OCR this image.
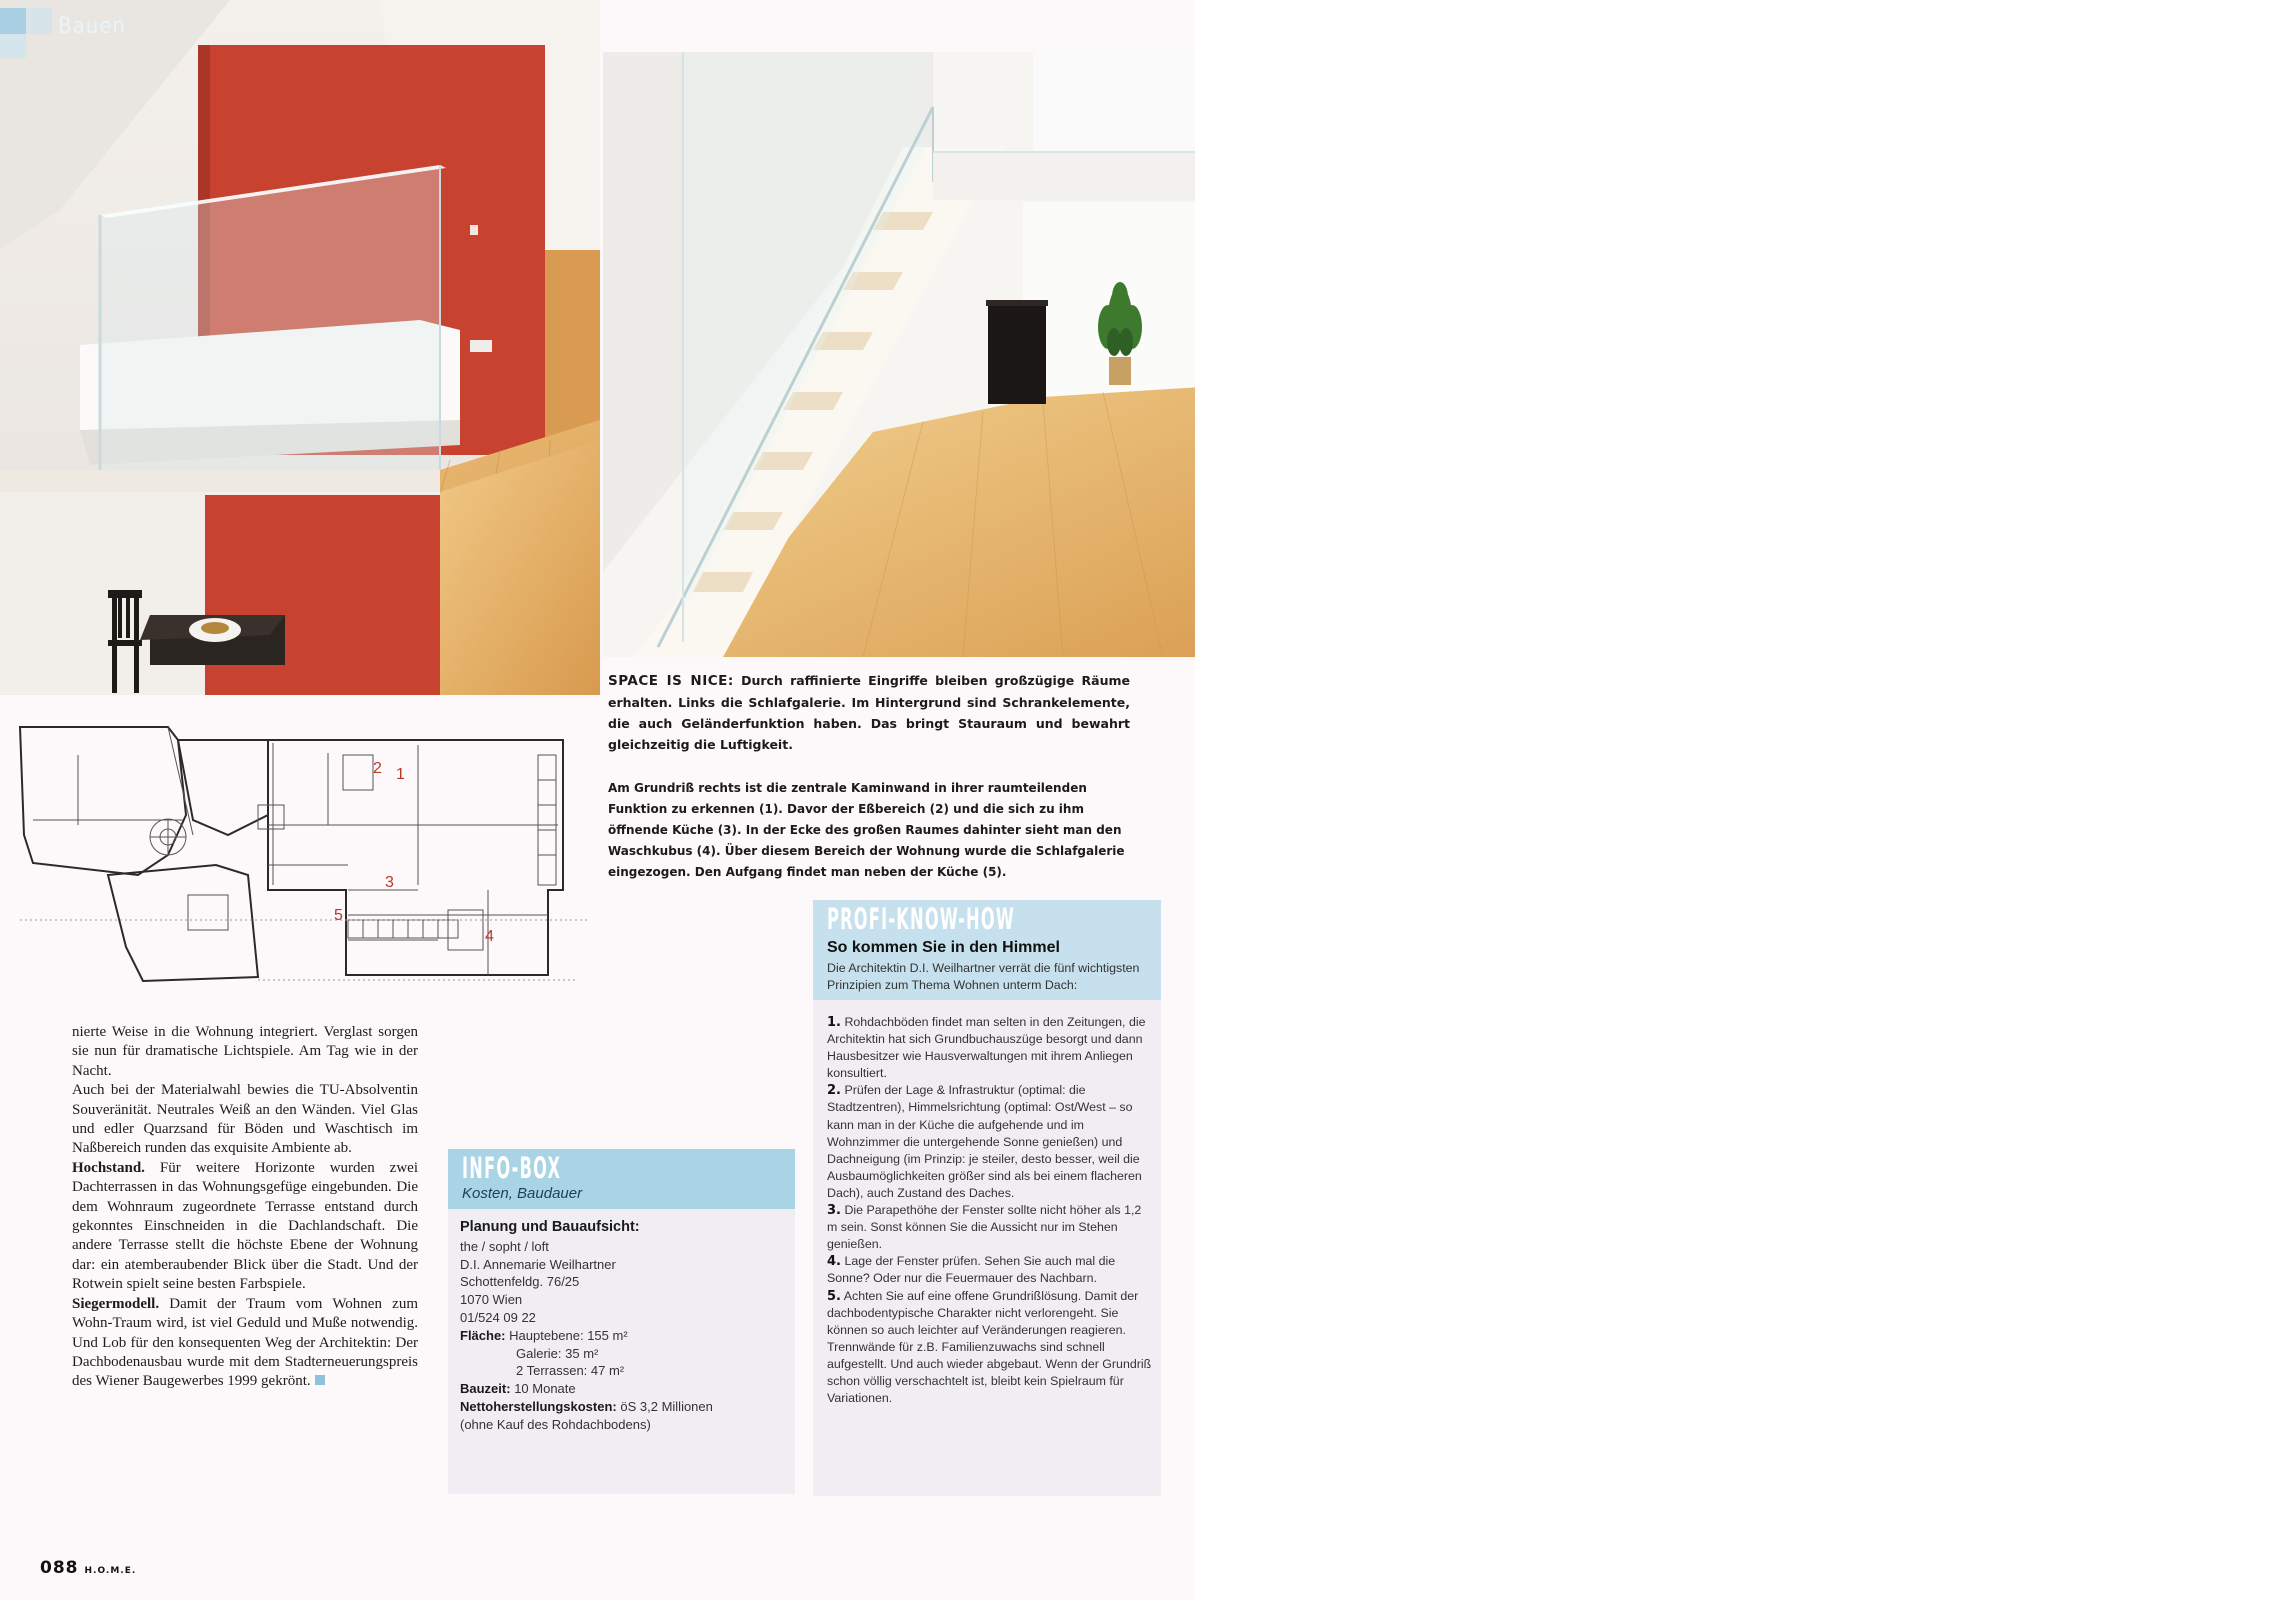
Bauen
SPACE IS NICE: Durch raffinierte Eingriffe bleiben großzügige Räume erhalten. Links die Schlafgalerie. Im Hintergrund sind Schrankelemente, die auch Geländerfunktion haben. Das bringt Stauraum und bewahrt gleichzeitig die Luftigkeit.
1
2
3
4
5
Am Grundriß rechts ist die zentrale Kaminwand in ihrer raumteilenden Funktion zu erkennen (1). Davor der Eßbereich (2) und die sich zu ihm öffnende Küche (3). In der Ecke des großen Raumes dahinter sieht man den Waschkubus (4). Über diesem Bereich der Wohnung wurde die Schlafgalerie eingezogen. Den Aufgang findet man neben der Küche (5).

nierte Weise in die Wohnung integriert. Verglast sorgen sie nun für dramatische Lichtspiele. Am Tag wie in der Nacht.

Auch bei der Materialwahl bewies die TU-Absolventin Souveränität. Neutrales Weiß an den Wänden. Viel Glas und edler Quarzsand für Böden und Waschtisch im Naßbereich runden das exquisite Ambiente ab.

Hochstand. Für weitere Horizonte wurden zwei Dachterrassen in das Wohnungsgefüge eingebunden. Die dem Wohnraum zugeordnete Terrasse entstand durch gekonntes Einschneiden in die Dachlandschaft. Die andere Terrasse stellt die höchste Ebene der Wohnung dar: ein atemberaubender Blick über die Stadt. Und der Rotwein spielt seine besten Farbspiele.

Siegermodell. Damit der Traum vom Wohnen zum Wohn-Traum wird, ist viel Geduld und Muße notwendig. Und Lob für den konsequenten Weg der Architektin: Der Dachbodenausbau wurde mit dem Stadterneuerungspreis des Wiener Baugewerbes 1999 gekrönt.

INFO-BOX
Kosten, Baudauer
Planung und Bauaufsicht:
the / sopht / loft
D.I. Annemarie Weilhartner
Schottenfeldg. 76/25
1070 Wien
01/524 09 22
Fläche: Hauptebene: 155 m²
Galerie: 35 m²
2 Terrassen: 47 m²
Bauzeit: 10 Monate
Nettoherstellungskosten: öS 3,2 Millionen
(ohne Kauf des Rohdachbodens)
PROFI-KNOW-HOW
So kommen Sie in den Himmel
Die Architektin D.I. Weilhartner verrät die fünf wichtigsten Prinzipien zum Thema Wohnen unterm Dach:

1. Rohdachböden findet man selten in den Zeitungen, die Architektin hat sich Grundbuchauszüge besorgt und dann Hausbesitzer wie Hausverwaltungen mit ihrem Anliegen konsultiert.

2. Prüfen der Lage & Infrastruktur (optimal: die Stadtzentren), Himmelsrichtung (optimal: Ost/West – so kann man in der Küche die aufgehende und im Wohnzimmer die untergehende Sonne genießen) und Dachneigung (im Prinzip: je steiler, desto besser, weil die Ausbaumöglichkeiten größer sind als bei einem flacheren Dach), auch Zustand des Daches.

3. Die Parapethöhe der Fenster sollte nicht höher als 1,2 m sein. Sonst können Sie die Aussicht nur im Stehen genießen.

4. Lage der Fenster prüfen. Sehen Sie auch mal die Sonne? Oder nur die Feuermauer des Nachbarn.

5. Achten Sie auf eine offene Grundrißlösung. Damit der dachbodentypische Charakter nicht verlorengeht. Sie können so auch leichter auf Veränderungen reagieren. Trennwände für z.B. Familienzuwachs sind schnell aufgestellt. Und auch wieder abgebaut. Wenn der Grundriß schon völlig verschachtelt ist, bleibt kein Spielraum für Variationen.

088 H.O.M.E.
